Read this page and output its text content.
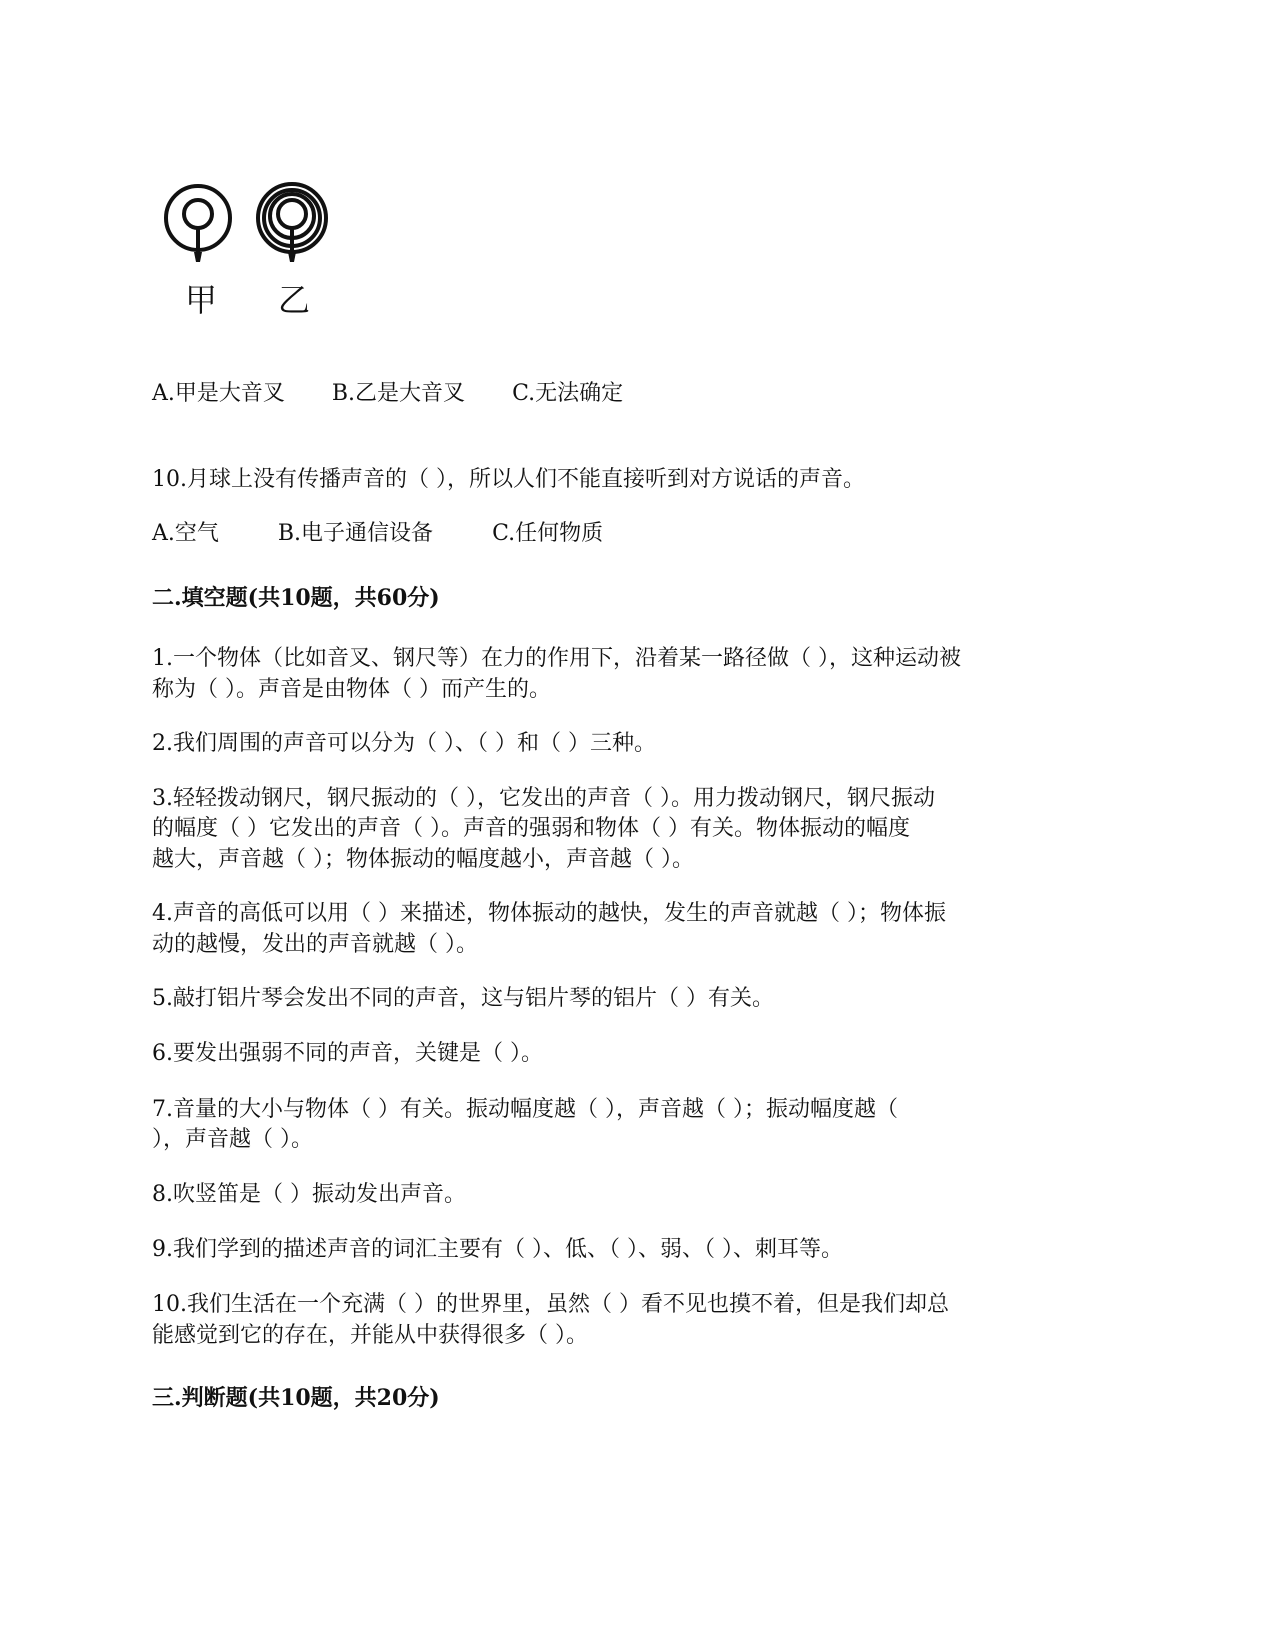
甲 乙
A.甲是大音叉 B.乙是大音叉 C.无法确定
10.月球上没有传播声音的（ ），所以人们不能直接听到对方说话的声音。
A.空气	B.电子通信设备	C.任何物质
二.填空题(共10题，共60分)
1.一个物体（比如音叉、钢尺等）在力的作用下，沿着某一路径做（ ），这种运动被
称为（ ）。声音是由物体（ ）而产生的。
2.我们周围的声音可以分为（ ）、（ ）和（ ）三种。
3.轻轻拨动钢尺，钢尺振动的（ ），它发出的声音（ ）。用力拨动钢尺，钢尺振动
的幅度（ ）它发出的声音（ ）。声音的强弱和物体（ ）有关。物体振动的幅度
越大，声音越（ ）；物体振动的幅度越小，声音越（ ）。
4.声音的高低可以用（ ）来描述，物体振动的越快，发生的声音就越（ ）；物体振
动的越慢，发出的声音就越（ ）。
5.敲打铝片琴会发出不同的声音，这与铝片琴的铝片（ ）有关。
6.要发出强弱不同的声音，关键是（ ）。
7.音量的大小与物体（ ）有关。振动幅度越（ ），声音越（ ）；振动幅度越（
），声音越（ ）。
8.吹竖笛是（ ）振动发出声音。
9.我们学到的描述声音的词汇主要有（ ）、低、（ ）、弱、（ ）、刺耳等。
10.我们生活在一个充满（ ）的世界里，虽然（ ）看不见也摸不着，但是我们却总
能感觉到它的存在，并能从中获得很多（ ）。
三.判断题(共10题，共20分)
